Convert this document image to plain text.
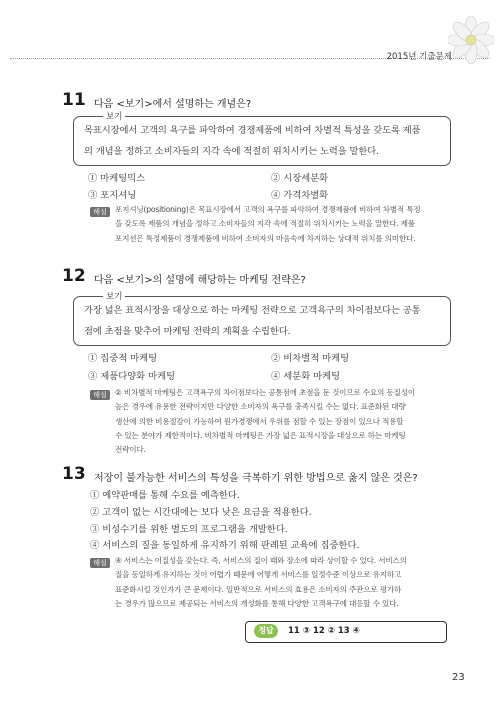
2015년 기출문제
11 다음 <보기>에서 설명하는 개념은?
보기
목표시장에서 고객의 욕구를 파악하여 경쟁제품에 비하여 차별적 특성을 갖도록 제품
의 개념을 정하고 소비자들의 지각 속에 적절히 위치시키는 노력을 말한다.
① 마케팅믹스	② 시장세분화
③ 포지셔닝	④ 가격차별화
해설	포지셔닝(positioning)은 목표시장에서 고객의 욕구를 파악하여 경쟁제품에 비하여 차별적 특징
을 갖도록 제품의 개념을 정하고 소비자들의 지각 속에 적절히 위치시키는 노력을 말한다. 제품
포지션은 특정제품이 경쟁제품에 비하여 소비자의 마음속에 차지하는 상대적 위치를 의미한다.
12 다음 <보기>의 설명에 해당하는 마케팅 전략은?
보기
가장 넓은 표적시장을 대상으로 하는 마케팅 전략으로 고객욕구의 차이점보다는 공통
점에 초점을 맞추어 마케팅 전략의 계획을 수립한다.
① 집중적 마케팅	② 비차별적 마케팅
③ 제품다양화 마케팅	④ 세분화 마케팅
해설	② 비차별적 마케팅은 고객욕구의 차이점보다는 공통점에 초점을 둔 것이므로 수요의 동질성이
높은 경우에 유용한 전략이지만 다양한 소비자의 욕구를 충족시킬 수는 없다. 표준화된 대량
생산에 의한 비용절감이 가능하여 원가경쟁에서 우위를 점할 수 있는 장점이 있으나 적용할
수 있는 분야가 제한적이다. 비차별적 마케팅은 가장 넓은 표적시장을 대상으로 하는 마케팅
전략이다.
13 저장이 불가능한 서비스의 특성을 극복하기 위한 방법으로 옳지 않은 것은?
① 예약판매를 통해 수요를 예측한다.
② 고객이 없는 시간대에는 보다 낮은 요금을 적용한다.
③ 비성수기를 위한 별도의 프로그램을 개발한다.
④ 서비스의 질을 동일하게 유지하기 위해 판례된 교육에 집중한다.
해설	④ 서비스는 이질성을 갖는다. 즉, 서비스의 질이 때와 장소에 따라 상이할 수 있다. 서비스의
질을 동일하게 유지하는 것이 어렵기 때문에 어떻게 서비스를 일정수준 이상으로 유지하고
표준화시킬 것인가가 큰 문제이다. 일반적으로 서비스의 효용은 소비자의 주관으로 평가하
는 경우가 많으므로 제공되는 서비스의 개성화를 통해 다양한 고객욕구에 대응할 수 있다.
정답	11 ③ 12 ② 13 ④
23
